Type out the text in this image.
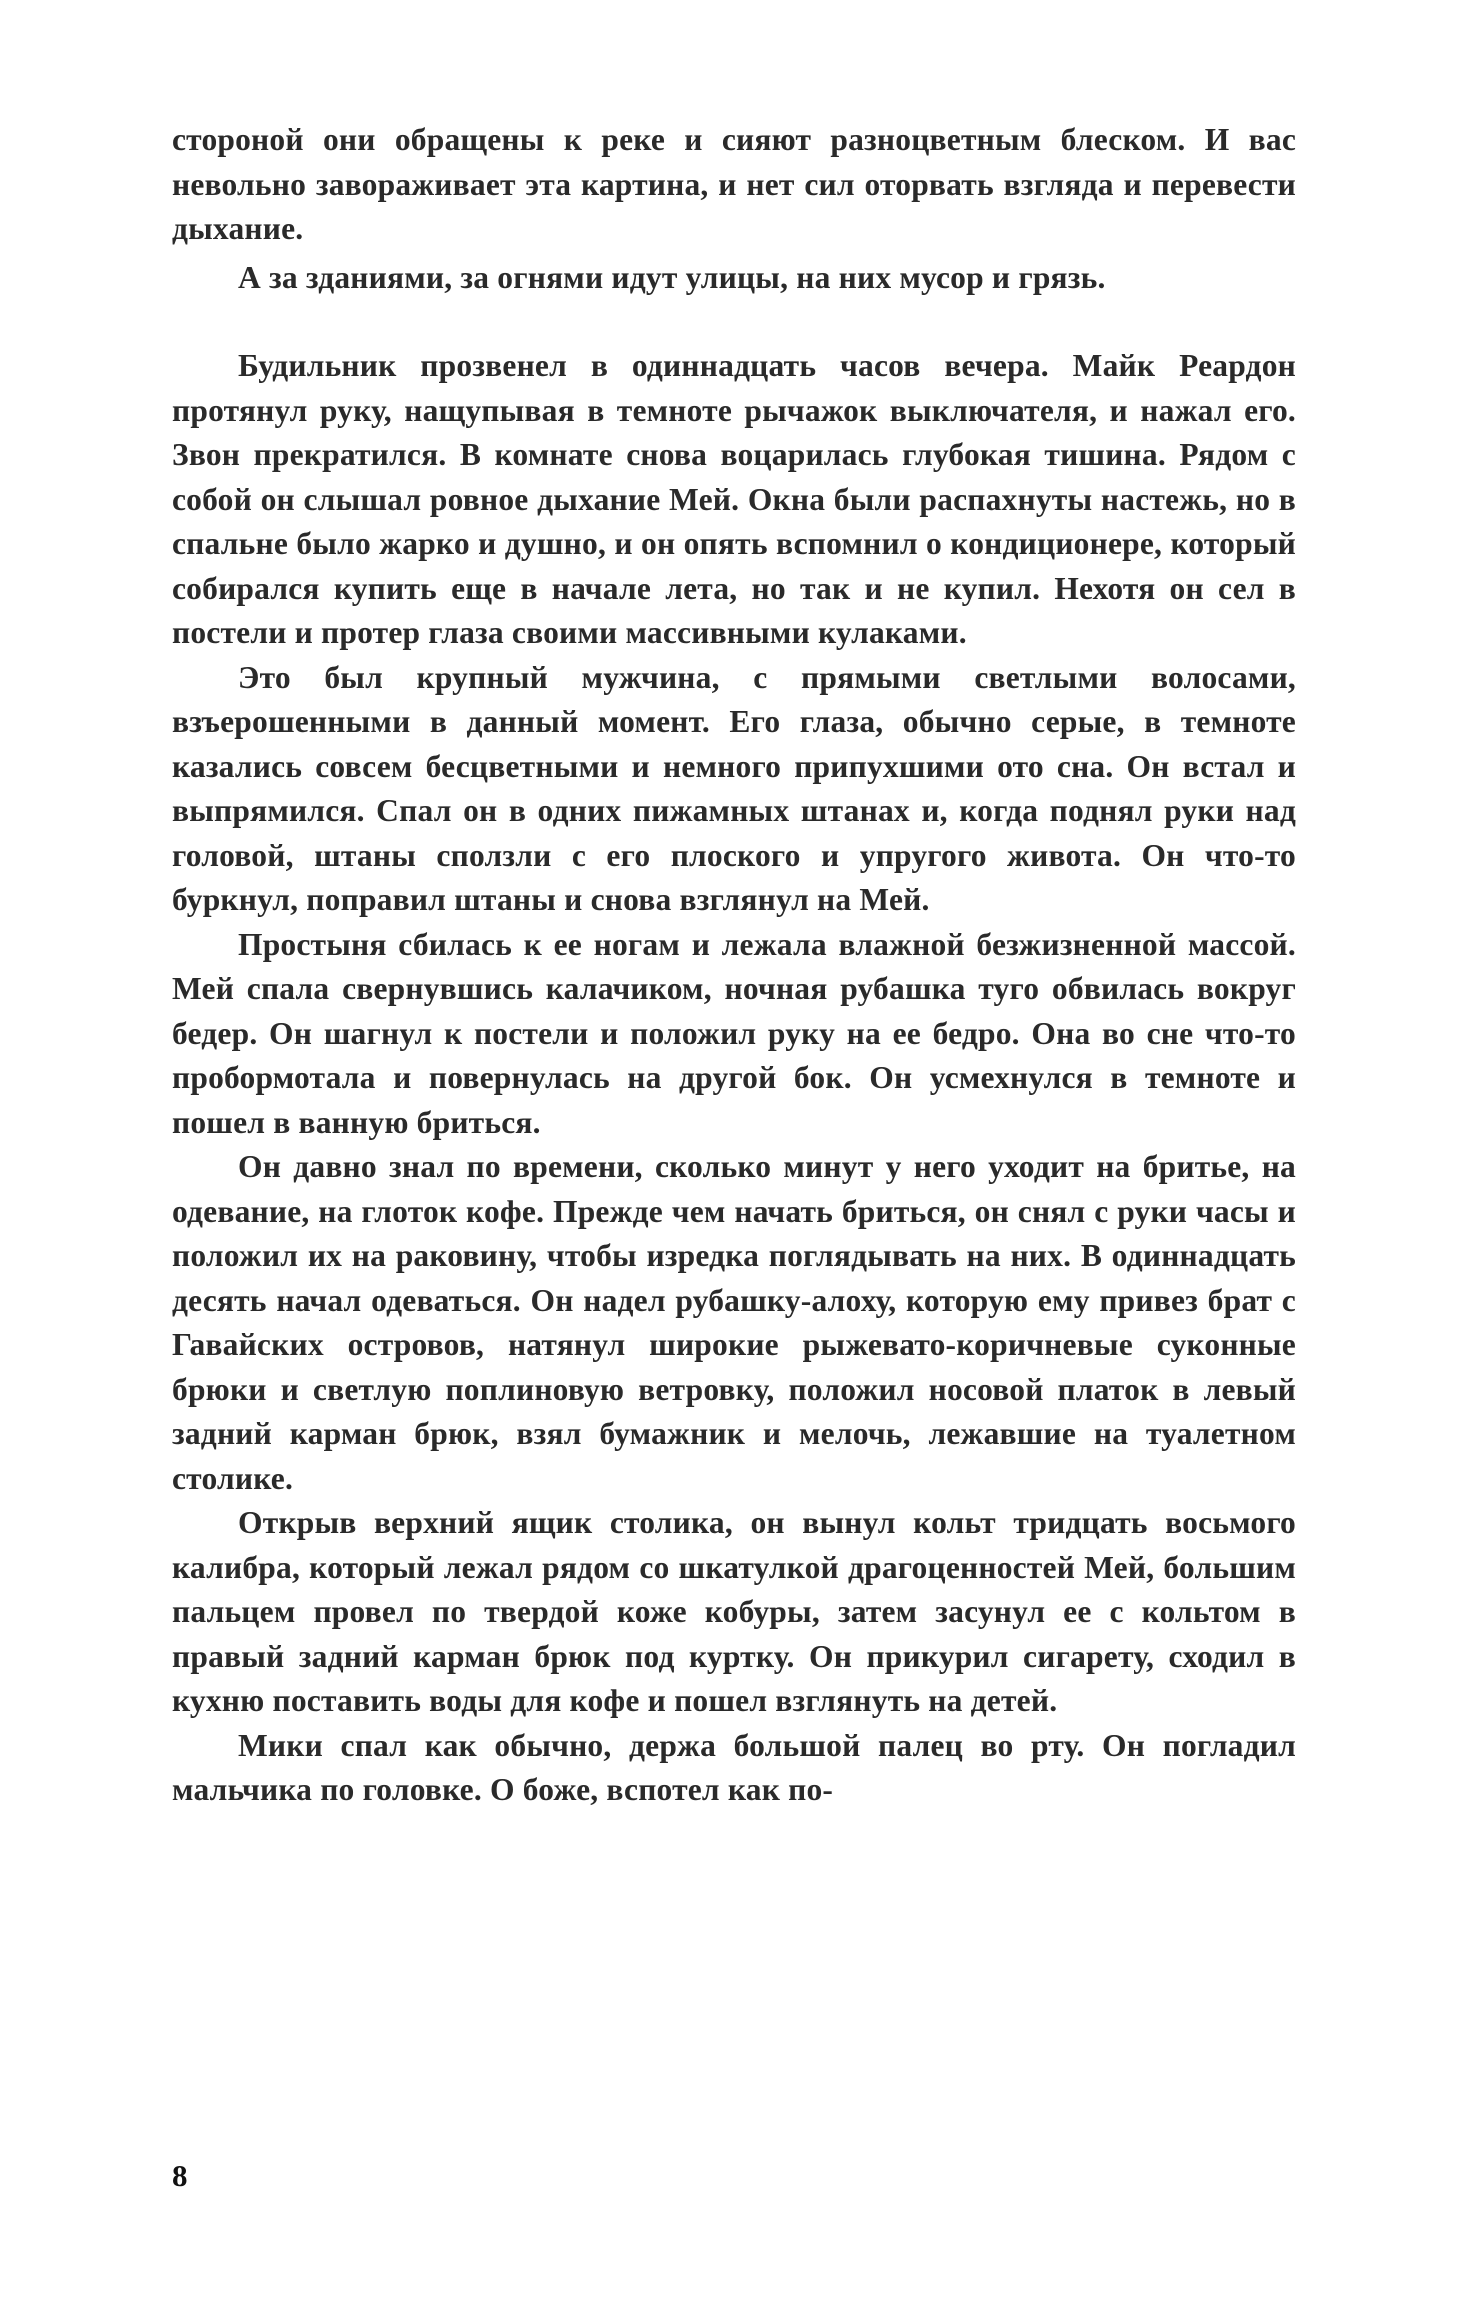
стороной они обращены к реке и сияют разноцветным блеском. И вас невольно завораживает эта картина, и нет сил оторвать взгляда и перевести дыхание.

А за зданиями, за огнями идут улицы, на них мусор и грязь.

Будильник прозвенел в одиннадцать часов вечера. Майк Реардон протянул руку, нащупывая в темноте рычажок выключателя, и нажал его. Звон прекратился. В комнате снова воцарилась глубокая тишина. Рядом с собой он слышал ровное дыхание Мей. Окна были распахнуты настежь, но в спальне было жарко и душно, и он опять вспомнил о кондиционере, который собирался купить еще в начале лета, но так и не купил. Нехотя он сел в постели и протер глаза своими массивными кулаками.

Это был крупный мужчина, с прямыми светлыми волосами, взъерошенными в данный момент. Его глаза, обычно серые, в темноте казались совсем бесцветными и немного припухшими ото сна. Он встал и выпрямился. Спал он в одних пижамных штанах и, когда поднял руки над головой, штаны сползли с его плоского и упругого живота. Он что-то буркнул, поправил штаны и снова взглянул на Мей.

Простыня сбилась к ее ногам и лежала влажной безжизненной массой. Мей спала свернувшись калачиком, ночная рубашка туго обвилась вокруг бедер. Он шагнул к постели и положил руку на ее бедро. Она во сне что-то пробормотала и повернулась на другой бок. Он усмехнулся в темноте и пошел в ванную бриться.

Он давно знал по времени, сколько минут у него уходит на бритье, на одевание, на глоток кофе. Прежде чем начать бриться, он снял с руки часы и положил их на раковину, чтобы изредка поглядывать на них. В одиннадцать десять начал одеваться. Он надел рубашку-алоху, которую ему привез брат с Гавайских островов, натянул широкие рыжевато-коричневые суконные брюки и светлую поплиновую ветровку, положил носовой платок в левый задний карман брюк, взял бумажник и мелочь, лежавшие на туалетном столике.

Открыв верхний ящик столика, он вынул кольт тридцать восьмого калибра, который лежал рядом со шкатулкой драгоценностей Мей, большим пальцем провел по твердой коже кобуры, затем засунул ее с кольтом в правый задний карман брюк под куртку. Он прикурил сигарету, сходил в кухню поставить воды для кофе и пошел взглянуть на детей.

Мики спал как обычно, держа большой палец во рту. Он погладил мальчика по головке. О боже, вспотел как по-

8
